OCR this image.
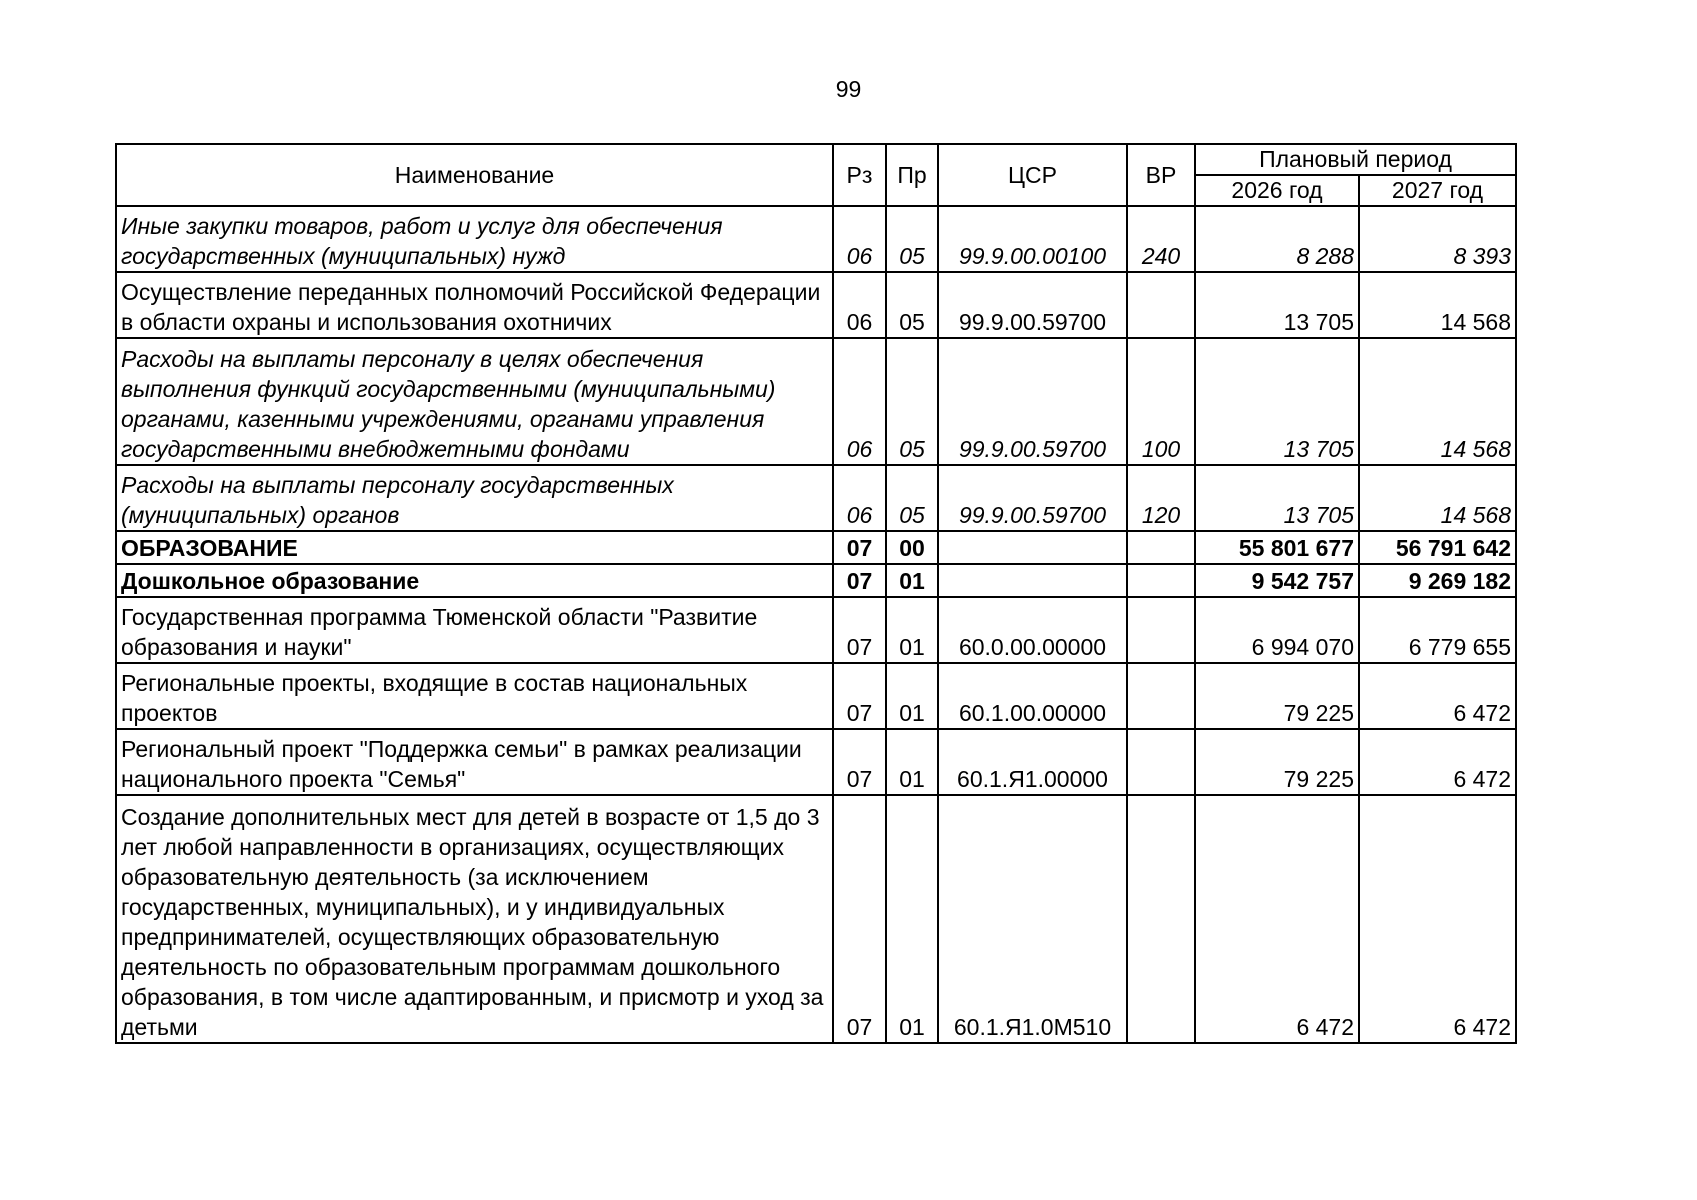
99
Наименование	Рз	Пр	ЦСР	ВР	Плановый период	
					2026 год	2027 год
Иные закупки товаров, работ и услуг для обеспечения государственных (муниципальных) нужд	06	05	99.9.00.00100	240	8 288	8 393
Осуществление переданных полномочий Российской Федерации в области охраны и использования охотничих	06	05	99.9.00.59700		13 705	14 568
Расходы на выплаты персоналу в целях обеспечения выполнения функций государственными (муниципальными) органами, казенными учреждениями, органами управления государственными внебюджетными фондами	06	05	99.9.00.59700	100	13 705	14 568
Расходы на выплаты персоналу государственных (муниципальных) органов	06	05	99.9.00.59700	120	13 705	14 568
ОБРАЗОВАНИЕ	07	00			55 801 677	56 791 642
Дошкольное образование	07	01			9 542 757	9 269 182
Государственная программа Тюменской области "Развитие образования и науки"	07	01	60.0.00.00000		6 994 070	6 779 655
Региональные проекты, входящие в состав национальных проектов	07	01	60.1.00.00000		79 225	6 472
Региональный проект "Поддержка семьи" в рамках реализации национального проекта "Семья"	07	01	60.1.Я1.00000		79 225	6 472
Создание дополнительных мест для детей в возрасте от 1,5 до 3 лет любой направленности в организациях, осуществляющих образовательную деятельность (за исключением государственных, муниципальных), и у индивидуальных предпринимателей, осуществляющих образовательную деятельность по образовательным программам дошкольного образования, в том числе адаптированным, и присмотр и уход за детьми	07	01	60.1.Я1.0М510		6 472	6 472
